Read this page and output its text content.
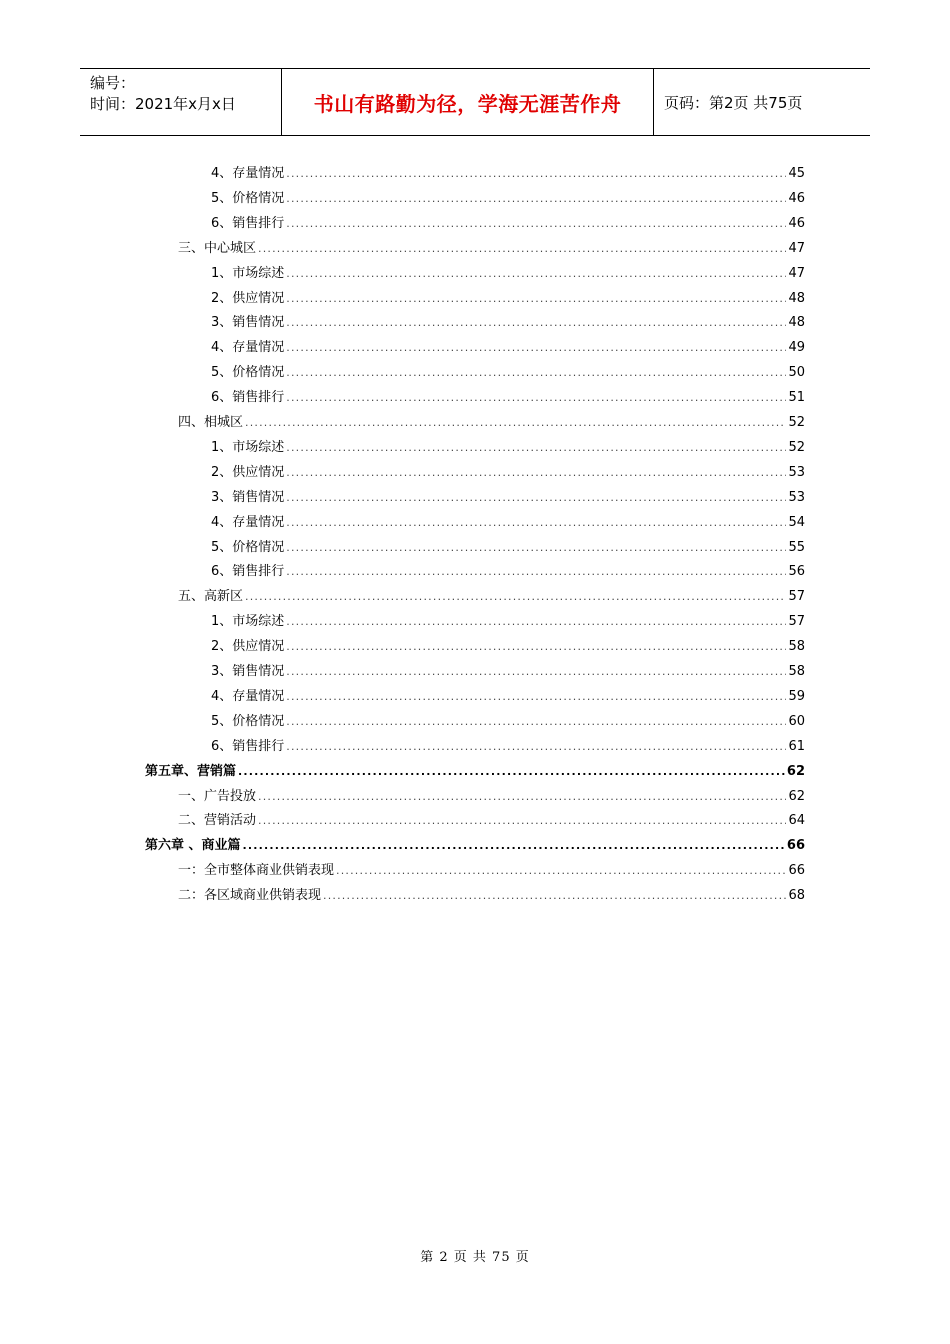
编号：
时间：2021年x月x日	书山有路勤为径，学海无涯苦作舟	页码：第2页 共75页
4、存量情况 .....	45
5、价格情况 .....	46
6、销售排行 .....	46
三、中心城区 .....	47
1、市场综述 .....	47
2、供应情况 .....	48
3、销售情况 .....	48
4、存量情况 .....	49
5、价格情况 .....	50
6、销售排行 .....	51
四、相城区 .....	52
1、市场综述 .....	52
2、供应情况 .....	53
3、销售情况 .....	53
4、存量情况 .....	54
5、价格情况 .....	55
6、销售排行 .....	56
五、高新区 .....	57
1、市场综述 .....	57
2、供应情况 .....	58
3、销售情况 .....	58
4、存量情况 .....	59
5、价格情况 .....	60
6、销售排行 .....	61
第五章、营销篇 .....	62
一、广告投放 .....	62
二、营销活动 .....	64
第六章 、商业篇 .....	66
一：全市整体商业供销表现 .....	66
二：各区域商业供销表现 .....	68
第 2 页 共 75 页
